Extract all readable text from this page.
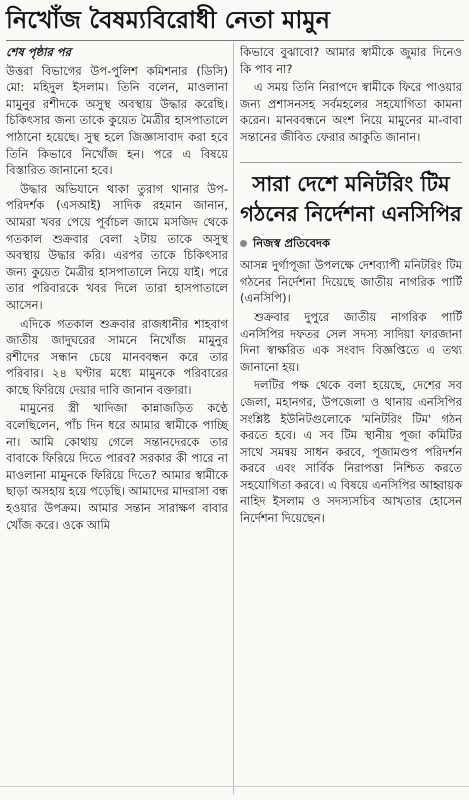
নিখোঁজ বৈষম্যবিরোধী নেতা মামুন
শেষ পৃষ্ঠার পর

উত্তরা বিভাগের উপ-পুলিশ কমিশনার (ডিসি) মো: মহিদুল ইসলাম। তিনি বলেন, মাওলানা মামুনুর রশীদকে অসুস্থ অবস্থায় উদ্ধার করেছি। চিকিৎসার জন্য তাকে কুয়েত মৈত্রীর হাসপাতালে পাঠানো হয়েছে। সুস্থ হলে জিজ্ঞাসাবাদ করা হবে তিনি কিভাবে নিখোঁজ হন। পরে এ বিষয়ে বিস্তারিত জানানো হবে।

উদ্ধার অভিযানে থাকা তুরাগ থানার উপ-পরিদর্শক (এসআই) সাদিক রহমান জানান, আমরা খবর পেয়ে পূর্বাচল জামে মসজিদ থেকে গতকাল শুক্রবার বেলা ২টায় তাকে অসুস্থ অবস্থায় উদ্ধার করি। এরপর তাকে চিকিৎসার জন্য কুয়েত মৈত্রীর হাসপাতালে নিয়ে যাই। পরে তার পরিবারকে খবর দিলে তারা হাসপাতালে আসেন।

এদিকে গতকাল শুক্রবার রাজধানীর শাহবাগ জাতীয় জাদুঘরের সামনে নিখোঁজ মামুনুর রশীদের সন্ধান চেয়ে মানববন্ধন করে তার পরিবার। ২৪ ঘণ্টার মধ্যে মামুনকে পরিবারের কাছে ফিরিয়ে দেয়ার দাবি জানান বক্তারা।

মামুনের স্ত্রী খাদিজা কান্নাজড়িত কণ্ঠে বলেছিলেন, পাঁচ দিন ধরে আমার স্বামীকে পাচ্ছি না। আমি কোথায় গেলে সন্তানদেরকে তার বাবাকে ফিরিয়ে দিতে পারব? সরকার কী পারে না মাওলানা মামুনকে ফিরিয়ে দিতে? আমার স্বামীকে ছাড়া অসহায় হয়ে পড়েছি। আমাদের মাদরাসা বন্ধ হওয়ার উপক্রম। আমার সন্তান সারাক্ষণ বাবার খোঁজ করে। ওকে আমি

কিভাবে বুঝাবো? আমার স্বামীকে জুমার দিনেও কি পাব না?

এ সময় তিনি নিরাপদে স্বামীকে ফিরে পাওয়ার জন্য প্রশাসনসহ সর্বমহলের সহযোগিতা কামনা করেন। মানববন্ধনে অংশ নিয়ে মামুনের মা-বাবা সন্তানের জীবিত ফেরার আকুতি জানান।

সারা দেশে মনিটরিং টিম গঠনের নির্দেশনা এনসিপির
নিজস্ব প্রতিবেদক

আসন্ন দুর্গাপূজা উপলক্ষে দেশব্যাপী মনিটরিং টিম গঠনের নির্দেশনা দিয়েছে জাতীয় নাগরিক পার্টি (এনসিপি)।

শুক্রবার দুপুরে জাতীয় নাগরিক পার্টি এনসিপির দফতর সেল সদস্য সাদিয়া ফারজানা দিনা স্বাক্ষরিত এক সংবাদ বিজ্ঞপ্তিতে এ তথ্য জানানো হয়।

দলটির পক্ষ থেকে বলা হয়েছে, দেশের সব জেলা, মহানগর, উপজেলা ও থানায় এনসিপির সংশ্লিষ্ট ইউনিটগুলোকে 'মনিটরিং টিম' গঠন করতে হবে। এ সব টিম স্থানীয় পূজা কমিটির সাথে সমন্বয় সাধন করবে, পূজামণ্ডপ পরিদর্শন করবে এবং সার্বিক নিরাপত্তা নিশ্চিত করতে সহযোগিতা করবে। এ বিষয়ে এনসিপির আহ্বায়ক নাহিদ ইসলাম ও সদস্যসচিব আখতার হোসেন নির্দেশনা দিয়েছেন।
